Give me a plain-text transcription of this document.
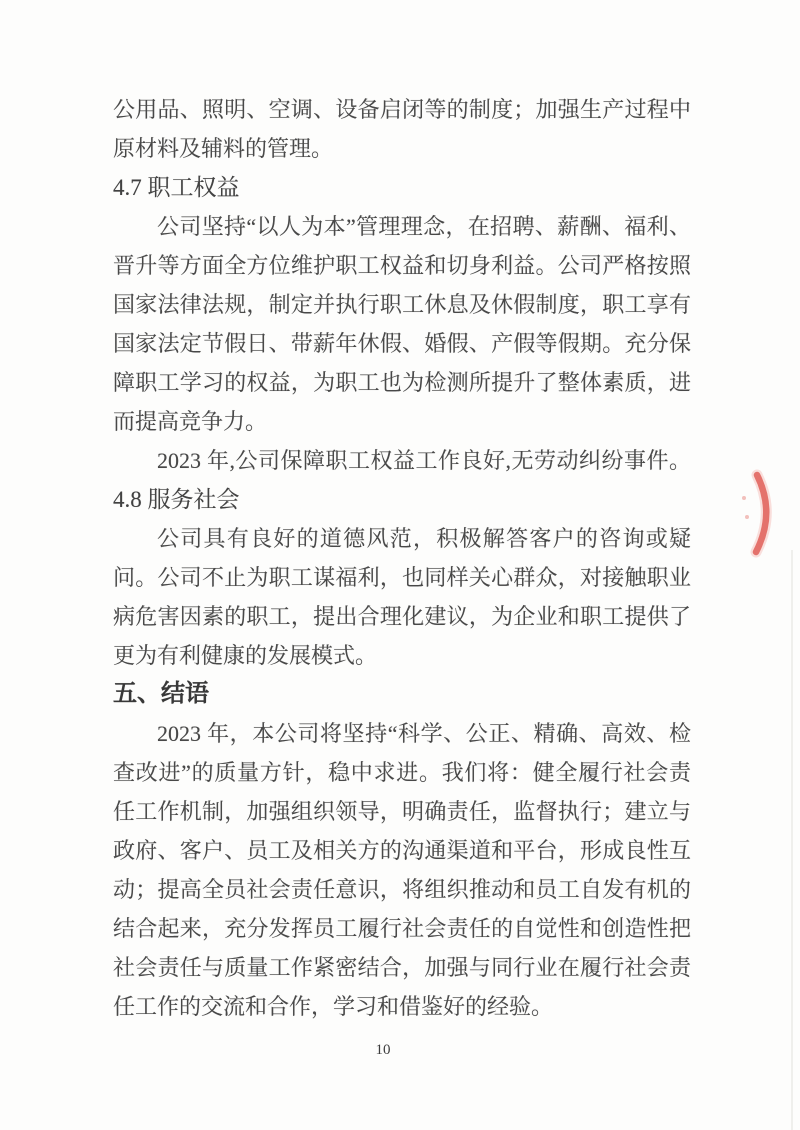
公用品、照明、空调、设备启闭等的制度；加强生产过程中
原材料及辅料的管理。
4.7 职工权益
公司坚持“以人为本”管理理念，在招聘、薪酬、福利、
晋升等方面全方位维护职工权益和切身利益。公司严格按照
国家法律法规，制定并执行职工休息及休假制度，职工享有
国家法定节假日、带薪年休假、婚假、产假等假期。充分保
障职工学习的权益，为职工也为检测所提升了整体素质，进
而提高竞争力。
2023 年,公司保障职工权益工作良好,无劳动纠纷事件。
4.8 服务社会
公司具有良好的道德风范，积极解答客户的咨询或疑
问。公司不止为职工谋福利，也同样关心群众，对接触职业
病危害因素的职工，提出合理化建议，为企业和职工提供了
更为有利健康的发展模式。
五、结语
2023 年，本公司将坚持“科学、公正、精确、高效、检
查改进”的质量方针，稳中求进。我们将：健全履行社会责
任工作机制，加强组织领导，明确责任，监督执行；建立与
政府、客户、员工及相关方的沟通渠道和平台，形成良性互
动；提高全员社会责任意识，将组织推动和员工自发有机的
结合起来，充分发挥员工履行社会责任的自觉性和创造性把
社会责任与质量工作紧密结合，加强与同行业在履行社会责
任工作的交流和合作，学习和借鉴好的经验。
10
